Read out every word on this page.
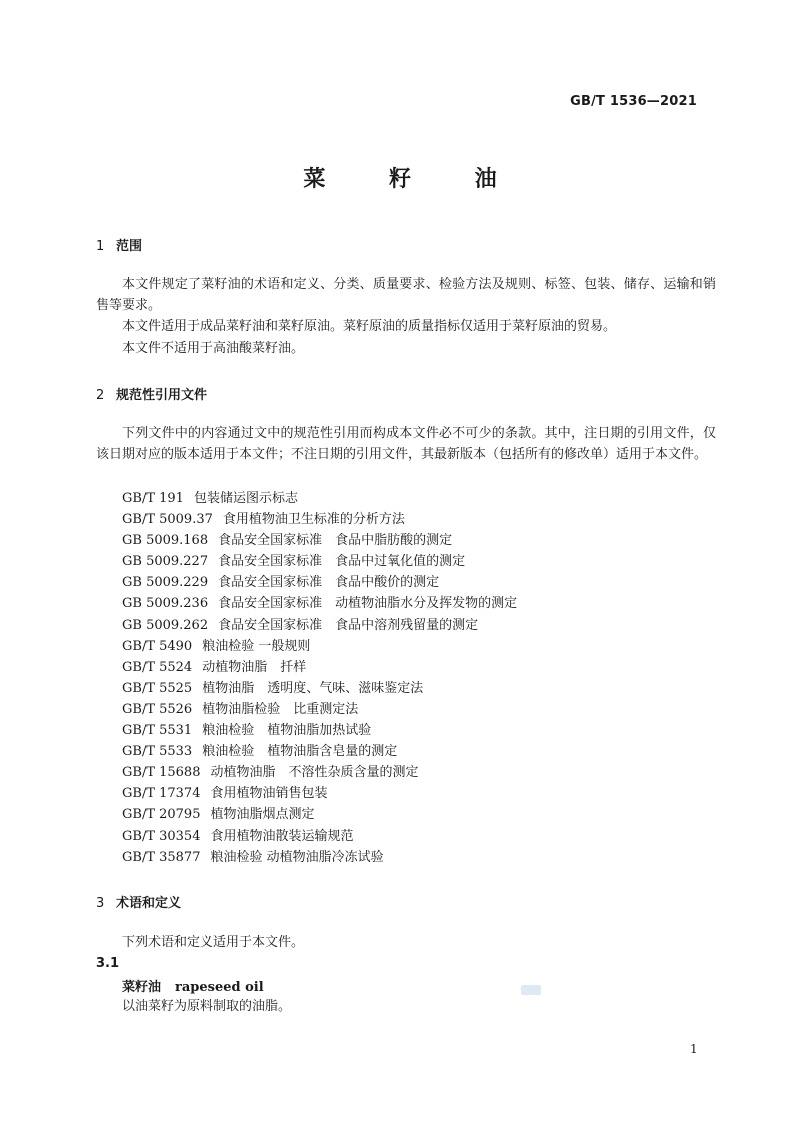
GB/T 1536—2021
菜 籽 油
1 范围
本文件规定了菜籽油的术语和定义、分类、质量要求、检验方法及规则、标签、包装、储存、运输和销售等要求。
本文件适用于成品菜籽油和菜籽原油。菜籽原油的质量指标仅适用于菜籽原油的贸易。
本文件不适用于高油酸菜籽油。
2 规范性引用文件
下列文件中的内容通过文中的规范性引用而构成本文件必不可少的条款。其中，注日期的引用文件，仅该日期对应的版本适用于本文件；不注日期的引用文件，其最新版本（包括所有的修改单）适用于本文件。
GB/T 191 包装储运图示标志
GB/T 5009.37 食用植物油卫生标准的分析方法
GB 5009.168 食品安全国家标准　食品中脂肪酸的测定
GB 5009.227 食品安全国家标准　食品中过氧化值的测定
GB 5009.229 食品安全国家标准　食品中酸价的测定
GB 5009.236 食品安全国家标准　动植物油脂水分及挥发物的测定
GB 5009.262 食品安全国家标准　食品中溶剂残留量的测定
GB/T 5490 粮油检验 一般规则
GB/T 5524 动植物油脂　扦样
GB/T 5525 植物油脂　透明度、气味、滋味鉴定法
GB/T 5526 植物油脂检验　比重测定法
GB/T 5531 粮油检验　植物油脂加热试验
GB/T 5533 粮油检验　植物油脂含皂量的测定
GB/T 15688 动植物油脂　不溶性杂质含量的测定
GB/T 17374 食用植物油销售包装
GB/T 20795 植物油脂烟点测定
GB/T 30354 食用植物油散装运输规范
GB/T 35877 粮油检验 动植物油脂冷冻试验
3 术语和定义
下列术语和定义适用于本文件。
3.1
菜籽油 rapeseed oil
以油菜籽为原料制取的油脂。
1
